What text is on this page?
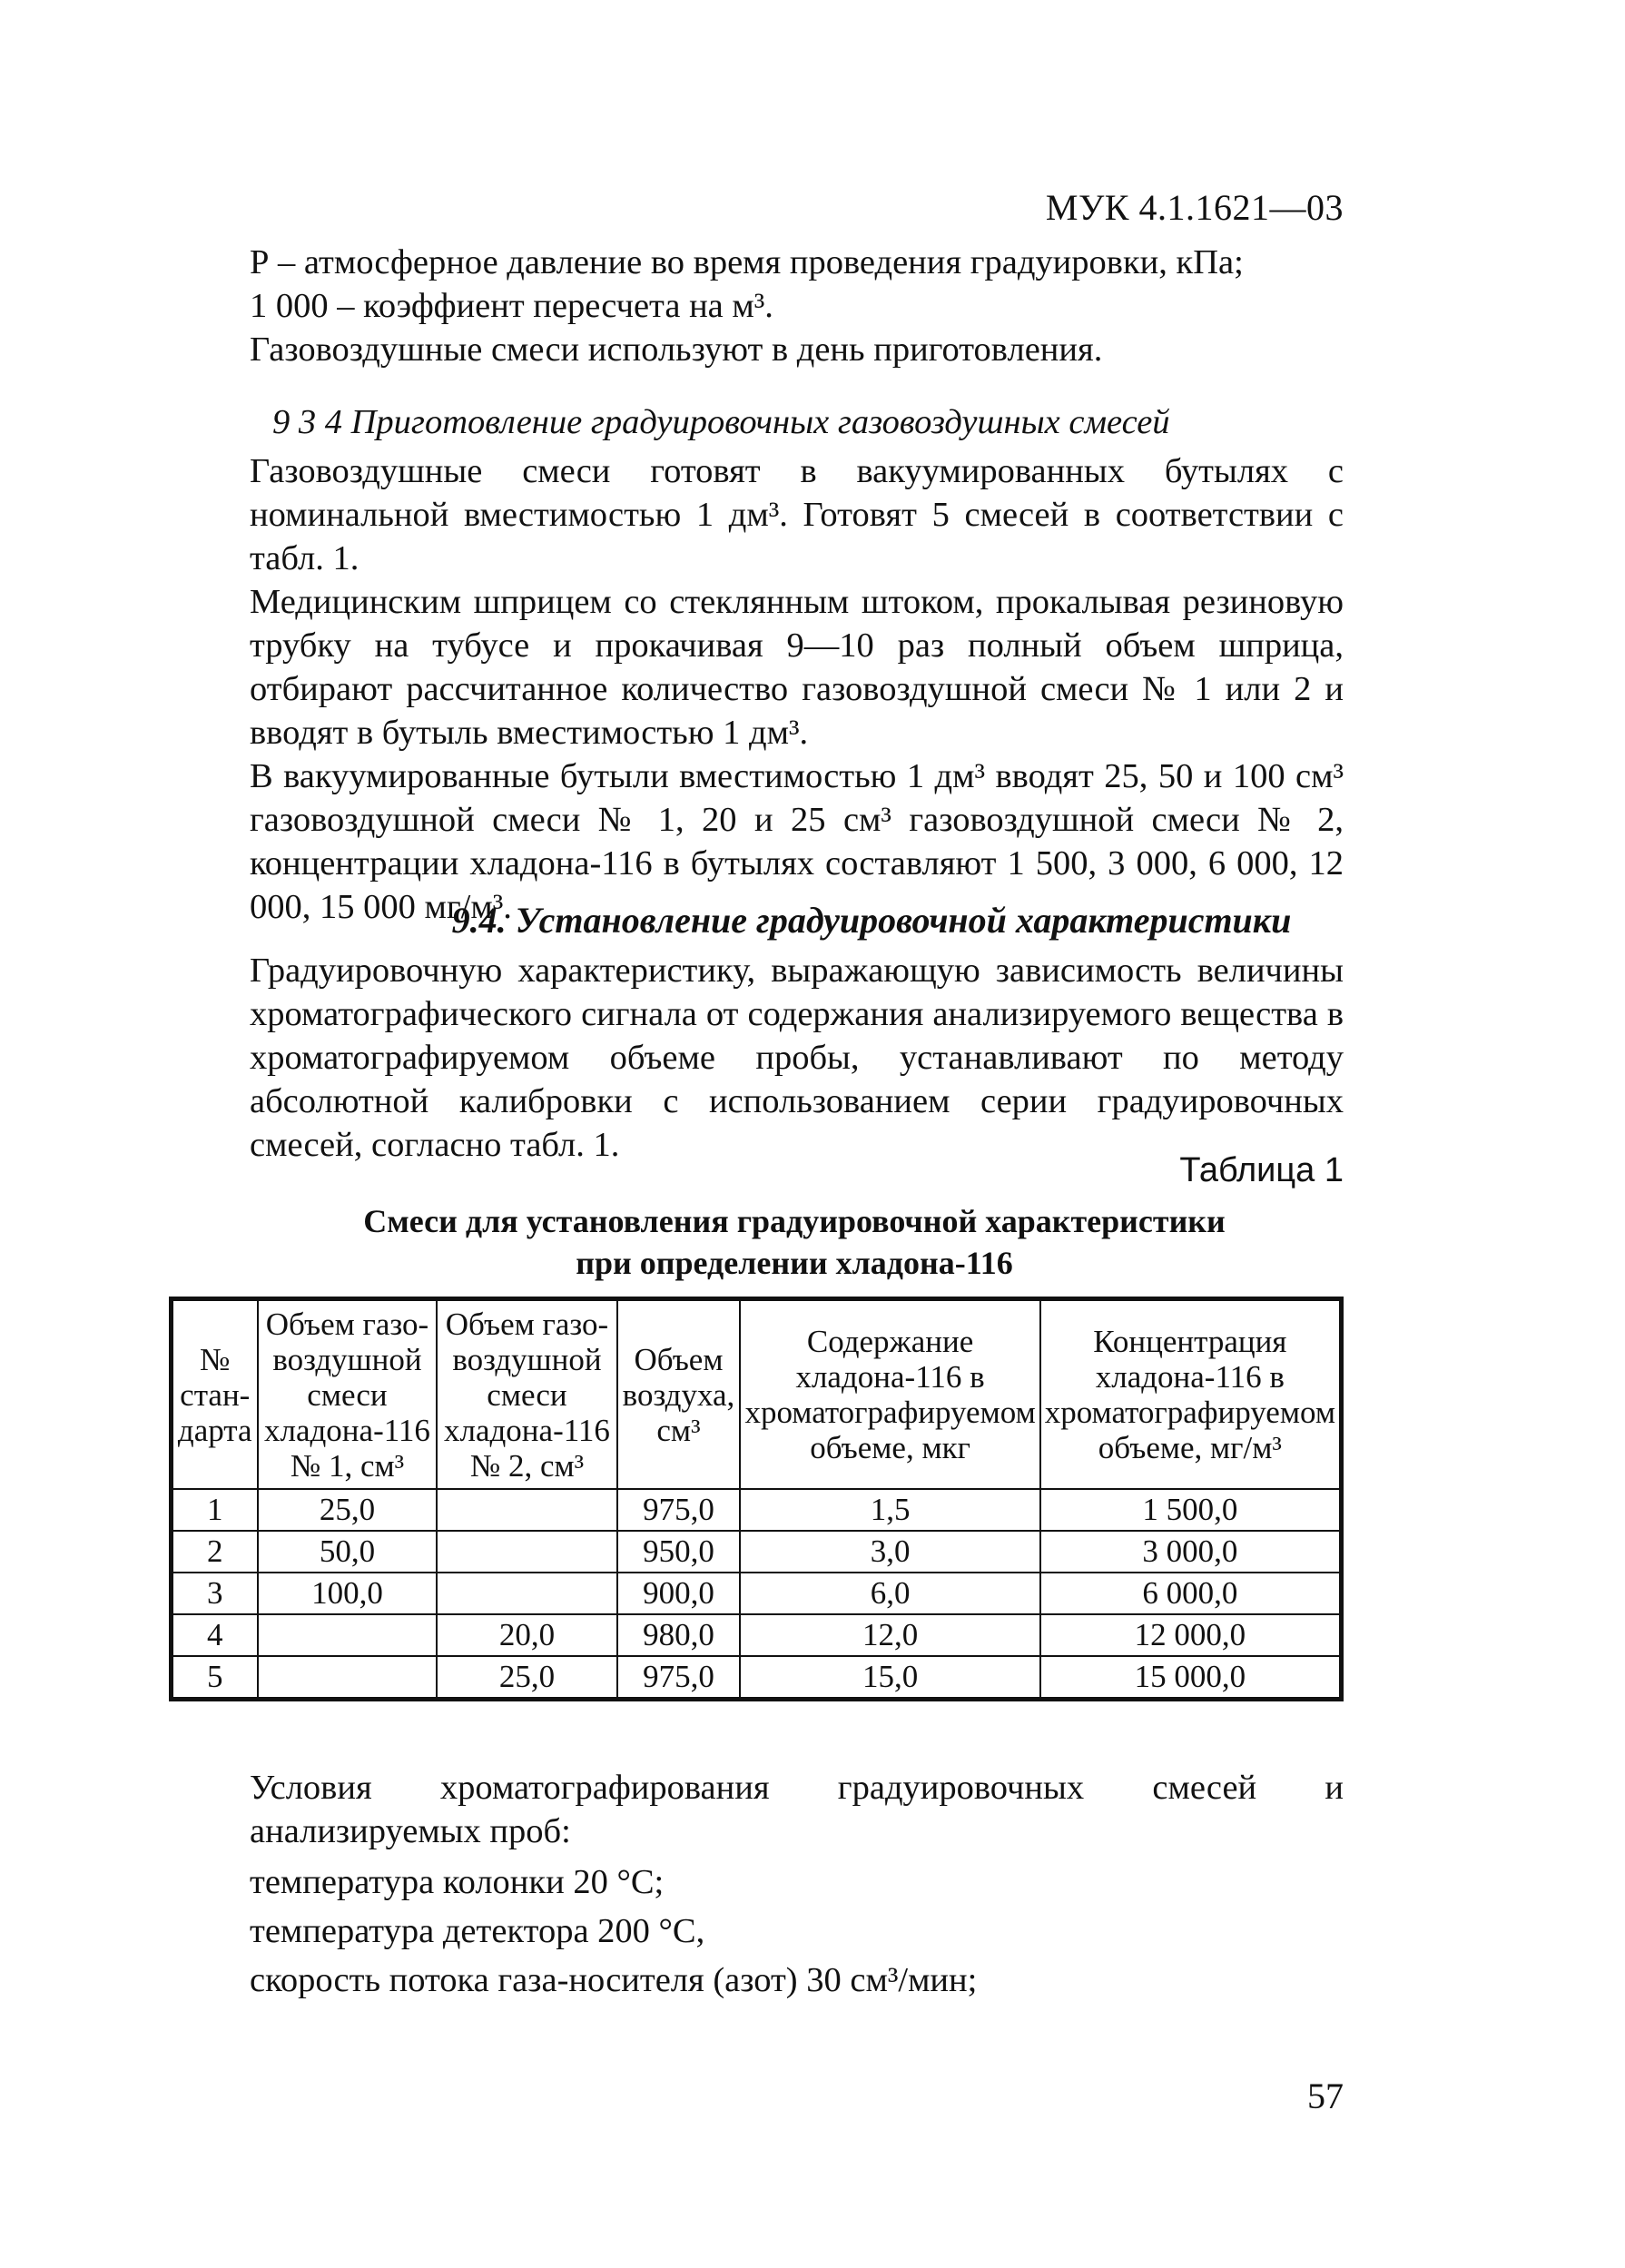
МУК 4.1.1621—03

Р – атмосферное давление во время проведения градуировки, кПа;

1 000 – коэффиент пересчета на м³.

Газовоздушные смеси используют в день приготовления.

9 3 4 Приготовление градуировочных газовоздушных смесей

Газовоздушные смеси готовят в вакуумированных бутылях с номинальной вместимостью 1 дм³. Готовят 5 смесей в соответствии с табл. 1.

Медицинским шприцем со стеклянным штоком, прокалывая резиновую трубку на тубусе и прокачивая 9—10 раз полный объем шприца, отбирают рассчитанное количество газовоздушной смеси № 1 или 2 и вводят в бутыль вместимостью 1 дм³.

В вакуумированные бутыли вместимостью 1 дм³ вводят 25, 50 и 100 см³ газовоздушной смеси № 1, 20 и 25 см³ газовоздушной смеси № 2, концентрации хладона-116 в бутылях составляют 1 500, 3 000, 6 000, 12 000, 15 000 мг/м³.

9.4. Установление градуировочной характеристики

Градуировочную характеристику, выражающую зависимость величины хроматографического сигнала от содержания анализируемого вещества в хроматографируемом объеме пробы, устанавливают по методу абсолютной калибровки с использованием серии градуировочных смесей, согласно табл. 1.

Таблица 1
Смеси для установления градуировочной характеристики
при определении хладона-116
№ стан-дарта	Объем газо-воздушной смеси хладона-116 № 1, см³	Объем газо-воздушной смеси хладона-116 № 2, см³	Объем воздуха, см³	Содержание хладона-116 в хроматографируемом объеме, мкг	Концентрация хладона-116 в хроматографируемом объеме, мг/м³
1	25,0		975,0	1,5	1 500,0
2	50,0		950,0	3,0	3 000,0
3	100,0		900,0	6,0	6 000,0
4		20,0	980,0	12,0	12 000,0
5		25,0	975,0	15,0	15 000,0

Условия хроматографирования градуировочных смесей и анализируемых проб:

температура колонки 20 °С;

температура детектора 200 °С,

скорость потока газа-носителя (азот) 30 см³/мин;

57
